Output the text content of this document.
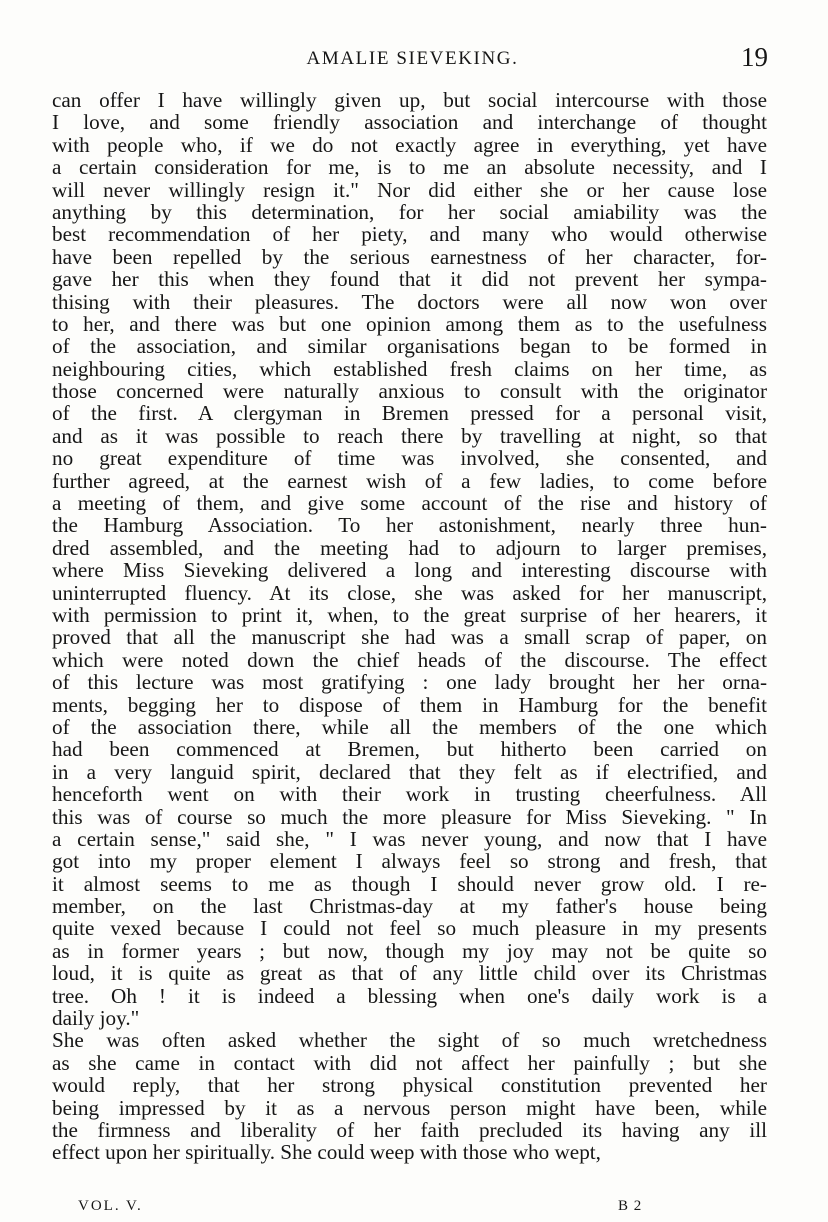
AMALIE SIEVEKING.	19

can offer I have willingly given up, but social intercourse with those
I love, and some friendly association and interchange of thought
with people who, if we do not exactly agree in everything, yet have
a certain consideration for me, is to me an absolute necessity, and I
will never willingly resign it." Nor did either she or her cause lose
anything by this determination, for her social amiability was the
best recommendation of her piety, and many who would otherwise
have been repelled by the serious earnestness of her character, for-
gave her this when they found that it did not prevent her sympa-
thising with their pleasures. The doctors were all now won over
to her, and there was but one opinion among them as to the usefulness
of the association, and similar organisations began to be formed in
neighbouring cities, which established fresh claims on her time, as
those concerned were naturally anxious to consult with the originator
of the first. A clergyman in Bremen pressed for a personal visit,
and as it was possible to reach there by travelling at night, so that
no great expenditure of time was involved, she consented, and
further agreed, at the earnest wish of a few ladies, to come before
a meeting of them, and give some account of the rise and history of
the Hamburg Association. To her astonishment, nearly three hun-
dred assembled, and the meeting had to adjourn to larger premises,
where Miss Sieveking delivered a long and interesting discourse with
uninterrupted fluency. At its close, she was asked for her manuscript,
with permission to print it, when, to the great surprise of her hearers, it
proved that all the manuscript she had was a small scrap of paper, on
which were noted down the chief heads of the discourse. The effect
of this lecture was most gratifying : one lady brought her her orna-
ments, begging her to dispose of them in Hamburg for the benefit
of the association there, while all the members of the one which
had been commenced at Bremen, but hitherto been carried on
in a very languid spirit, declared that they felt as if electrified, and
henceforth went on with their work in trusting cheerfulness. All
this was of course so much the more pleasure for Miss Sieveking. " In
a certain sense," said she, " I was never young, and now that I have
got into my proper element I always feel so strong and fresh, that
it almost seems to me as though I should never grow old. I re-
member, on the last Christmas-day at my father's house being
quite vexed because I could not feel so much pleasure in my presents
as in former years ; but now, though my joy may not be quite so
loud, it is quite as great as that of any little child over its Christmas
tree. Oh ! it is indeed a blessing when one's daily work is a
daily joy."

She was often asked whether the sight of so much wretchedness
as she came in contact with did not affect her painfully ; but she
would reply, that her strong physical constitution prevented her
being impressed by it as a nervous person might have been, while
the firmness and liberality of her faith precluded its having any ill
effect upon her spiritually. She could weep with those who wept,

VOL. V.	B 2
